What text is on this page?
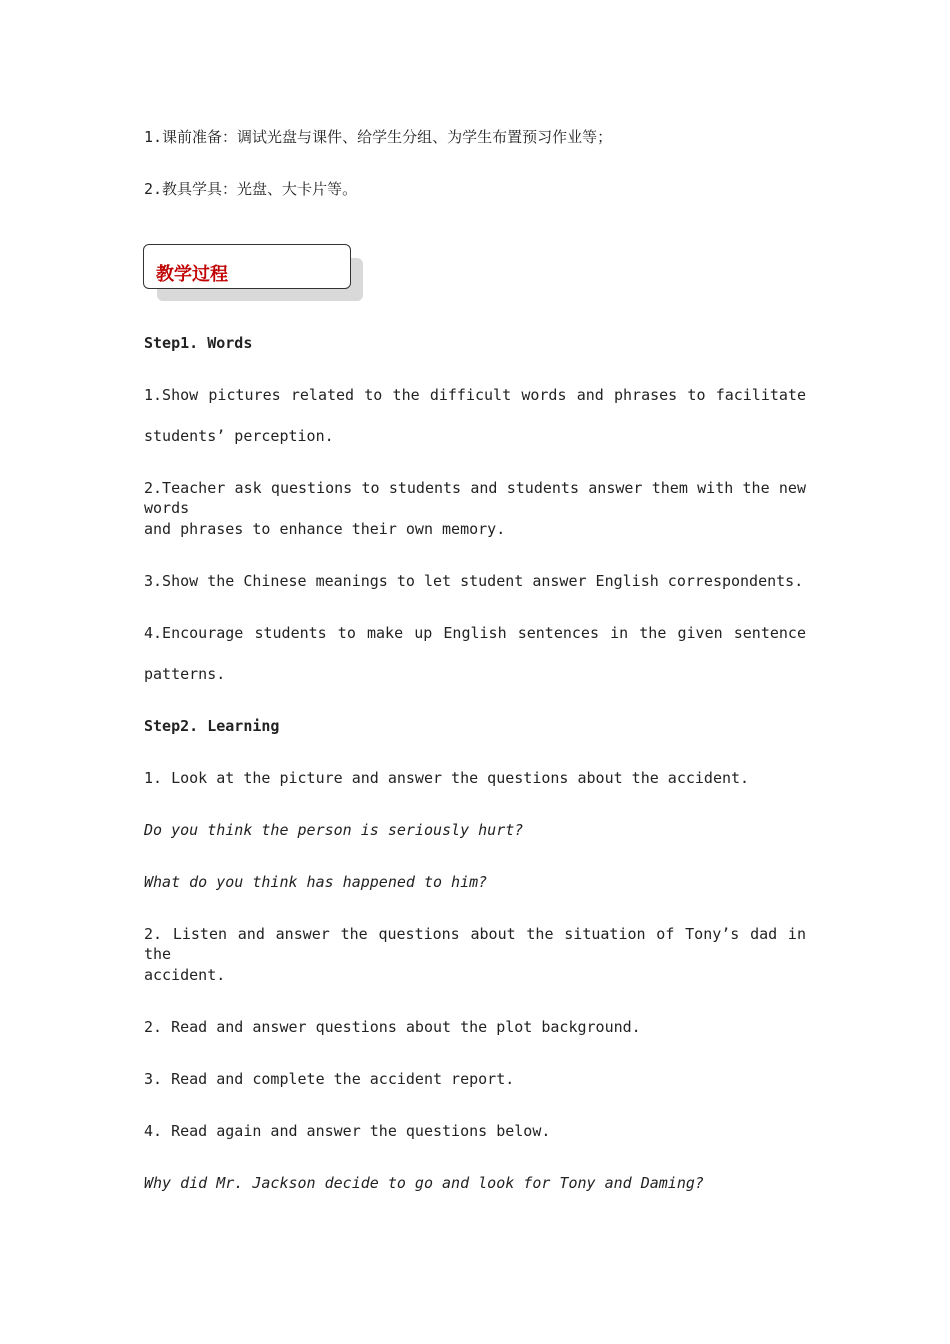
1.课前准备：调试光盘与课件、给学生分组、为学生布置预习作业等；
2.教具学具：光盘、大卡片等。
教学过程
Step1. Words
1.Show pictures related to the difficult words and phrases to facilitate
students’ perception.
2.Teacher ask questions to students and students answer them with the new words
and phrases to enhance their own memory.
3.Show the Chinese meanings to let student answer English correspondents.
4.Encourage students to make up English sentences in the given sentence
patterns.
Step2. Learning
1. Look at the picture and answer the questions about the accident.
Do you think the person is seriously hurt?
What do you think has happened to him?
2. Listen and answer the questions about the situation of Tony’s dad in the
accident.
2. Read and answer questions about the plot background.
3. Read and complete the accident report.
4. Read again and answer the questions below.
Why did Mr. Jackson decide to go and look for Tony and Daming?
